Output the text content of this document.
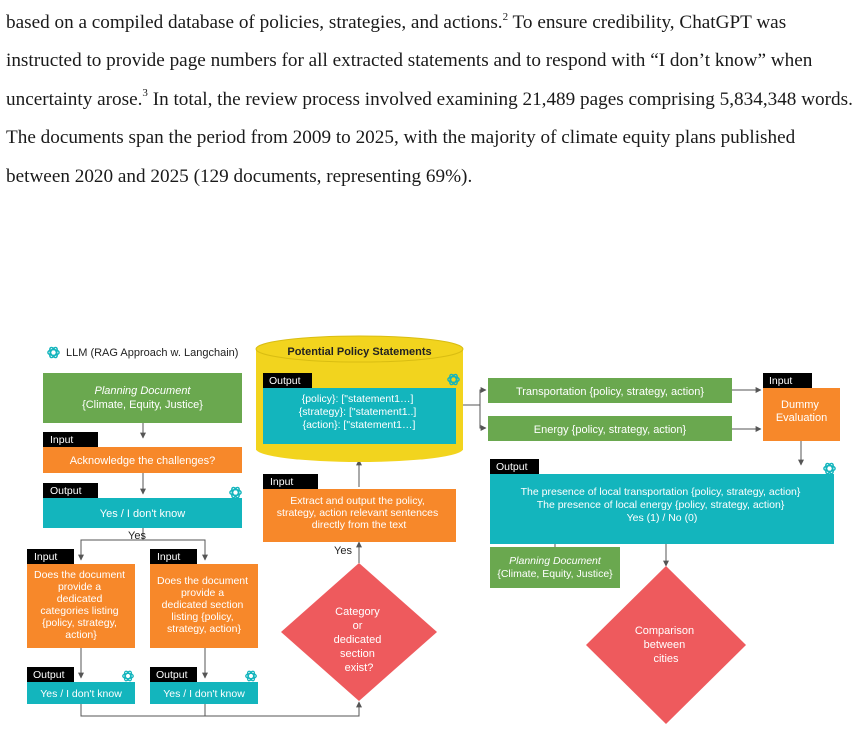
based on a compiled database of policies, strategies, and actions.$^2$ To ensure credibility, ChatGPT was instructed to provide page numbers for all extracted statements and to respond with “I don’t know” when uncertainty arose.$^3$ In total, the review process involved examining 21,489 pages comprising 5,834,348 words. The documents span the period from 2009 to 2025, with the majority of climate equity plans published between 2020 and 2025 (129 documents, representing 69%).

LLM (RAG Approach w. Langchain)
Planning Document
{Climate, Equity, Justice}
Input
Acknowledge the challenges?
Output
Yes / I don't know
Yes
Input
Does the document provide a dedicated categories listing {policy, strategy, action}
Input
Does the document provide a dedicated section listing {policy, strategy, action}
Output
Yes / I don't know
Output
Yes / I don't know
Category or dedicated section exist?
Yes
Input
Extract and output the policy, strategy, action relevant sentences directly from the text
Potential Policy Statements
Output
{policy}: ["statement1…] {strategy}: ["statement1..] {action}: ["statement1…]
Transportation {policy, strategy, action}
Energy {policy, strategy, action}
Input
Dummy Evaluation
Output
The presence of local transportation {policy, strategy, action} The presence of local energy {policy, strategy, action} Yes (1) / No (0)
Planning Document
{Climate, Equity, Justice}
Comparison between cities
